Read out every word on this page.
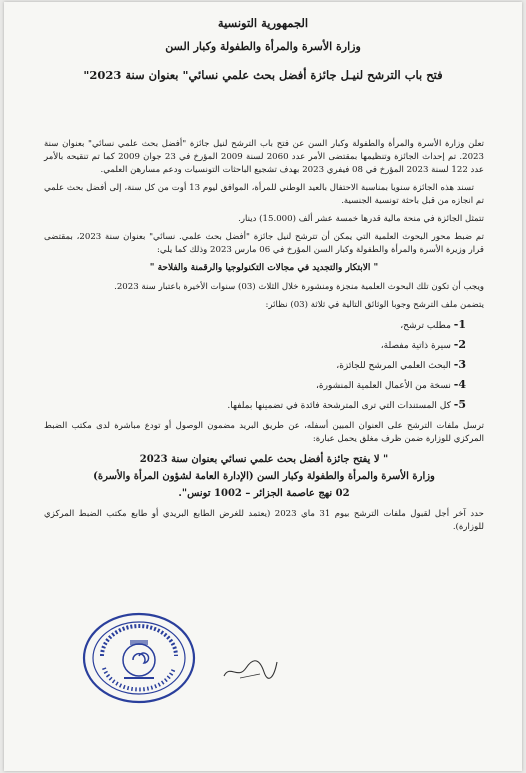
الجمهورية التونسية
وزارة الأسرة والمرأة والطفولة وكبار السن
فتح باب الترشح لنيـل جائزة أفضل بحث علمي نسائي" بعنوان سنة 2023"

تعلن وزارة الأسرة والمرأة والطفولة وكبار السن عن فتح باب الترشح لنيل جائزة "أفضل بحث علمي نسائي" بعنوان سنة 2023. تم إحداث الجائزة وتنظيمها بمقتضى الأمر عدد 2060 لسنة 2009 المؤرخ في 23 جوان 2009 كما تم تنقيحه بالأمر عدد 122 لسنة 2023 المؤرخ في 08 فيفري 2023 بهدف تشجيع الباحثات التونسيات ودعم مسارهن العلمي.

تسند هذه الجائزة سنويا بمناسبة الاحتفال بالعيد الوطني للمرأة، الموافق ليوم 13 أوت من كل سنة، إلى أفضل بحث علمي تم انجازه من قبل باحثة تونسية الجنسية.

تتمثل الجائزة في منحة مالية قدرها خمسة عشر ألف (15.000) دينار.

تم ضبط محور البحوث العلمية التي يمكن أن تترشح لنيل جائزة "أفضل بحث علمي. نسائي" بعنوان سنة 2023، بمقتضى قرار وزيرة الأسرة والمرأة والطفولة وكبار السن المؤرخ في 06 مارس 2023 وذلك كما يلي:

" الابتكار والتجديد في مجالات التكنولوجيا والرقمنة والفلاحة "

ويجب أن تكون تلك البحوث العلمية منجزة ومنشورة خلال الثلاث (03) سنوات الأخيرة باعتبار سنة 2023.

يتضمن ملف الترشح وجوبا الوثائق التالية في ثلاثة (03) نظائر:

1- مطلب ترشح،
2- سيرة ذاتية مفصلة،
3- البحث العلمي المرشح للجائزة،
4- نسخة من الأعمال العلمية المنشورة،
5- كل المستندات التي ترى المترشحة فائدة في تضمينها بملفها.

ترسل ملفات الترشح على العنوان المبين أسفله، عن طريق البريد مضمون الوصول أو تودع مباشرة لدى مكتب الضبط المركزي للوزارة ضمن ظرف مغلق يحمل عبارة:

" لا يفتح جائزة أفضل بحث علمي نسائي بعنوان سنة 2023
وزارة الأسرة والمرأة والطفولة وكبار السن (الإدارة العامة لشؤون المرأة والأسرة)
02 نهج عاصمة الجزائر – 1002 تونس".

حدد آخر أجل لقبول ملفات الترشح بيوم 31 ماي 2023 (يعتمد للغرض الطابع البريدي أو طابع مكتب الضبط المركزي للوزارة).
